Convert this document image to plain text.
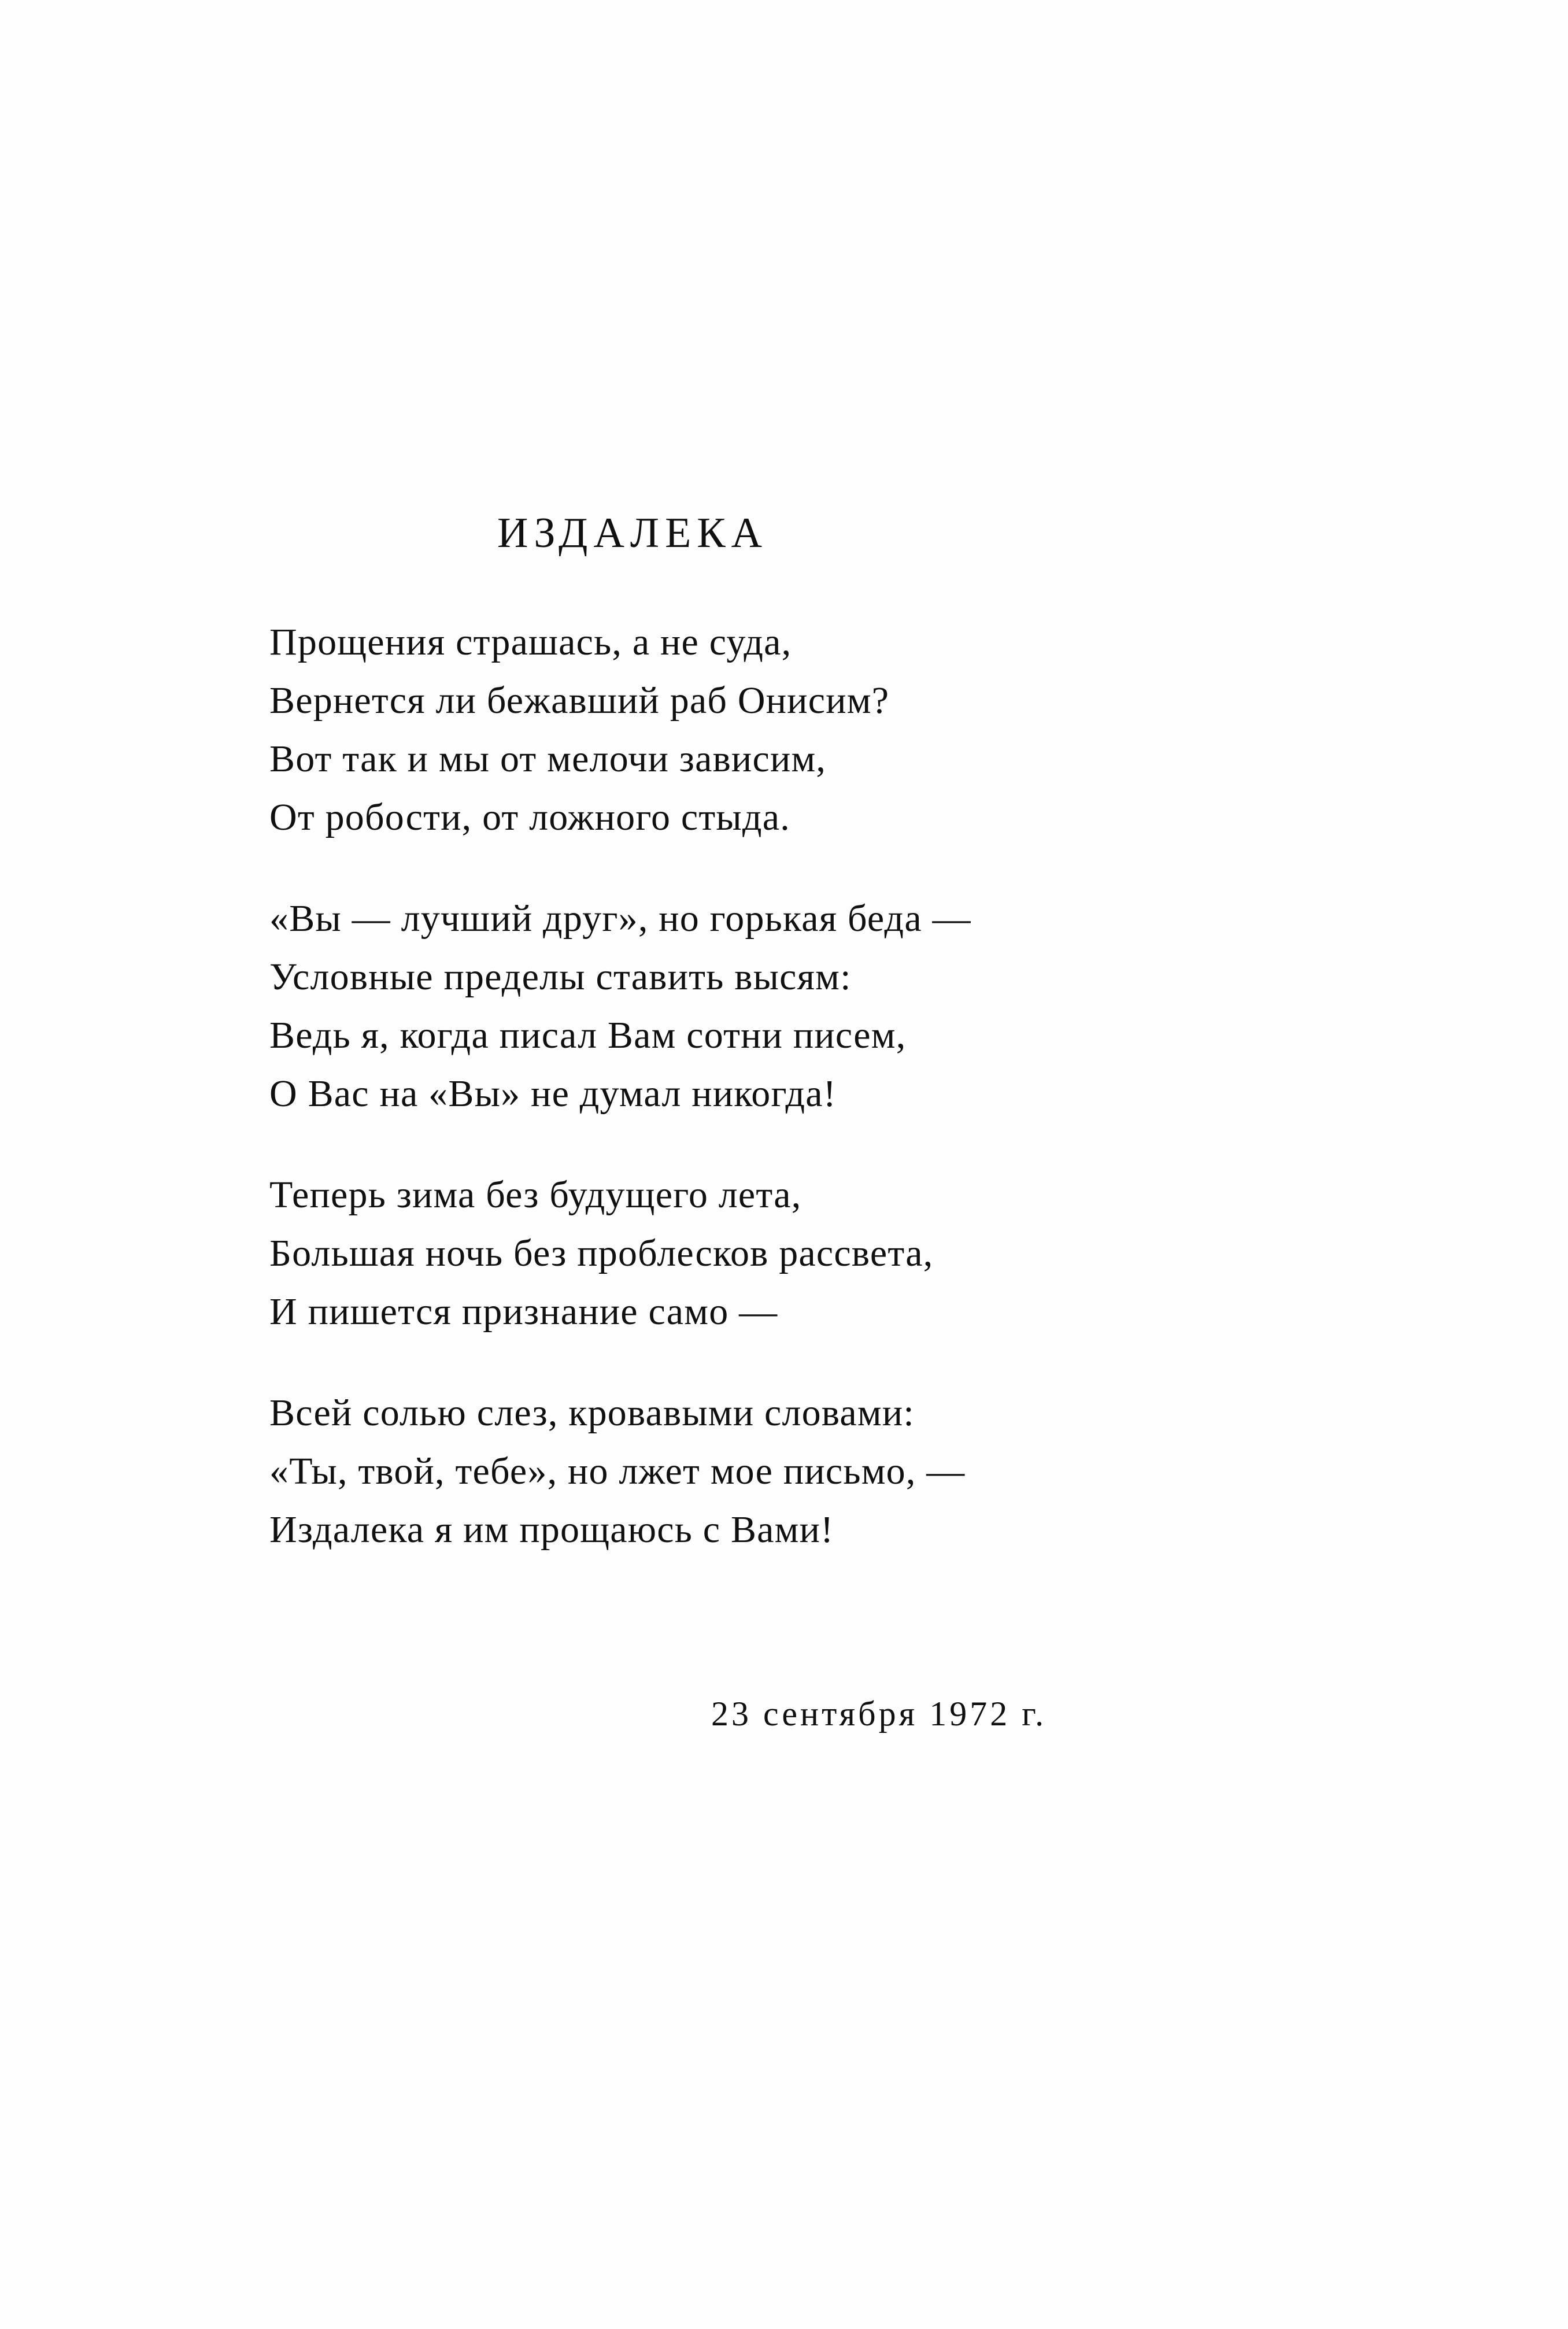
ИЗДАЛЕКА
Прощения страшась, а не суда,
Вернется ли бежавший раб Онисим?
Вот так и мы от мелочи зависим,
От робости, от ложного стыда.
«Вы — лучший друг», но горькая беда —
Условные пределы ставить высям:
Ведь я, когда писал Вам сотни писем,
О Вас на «Вы» не думал никогда!
Теперь зима без будущего лета,
Большая ночь без проблесков рассвета,
И пишется признание само —
Всей солью слез, кровавыми словами:
«Ты, твой, тебе», но лжет мое письмо, —
Издалека я им прощаюсь с Вами!
23 сентября 1972 г.
